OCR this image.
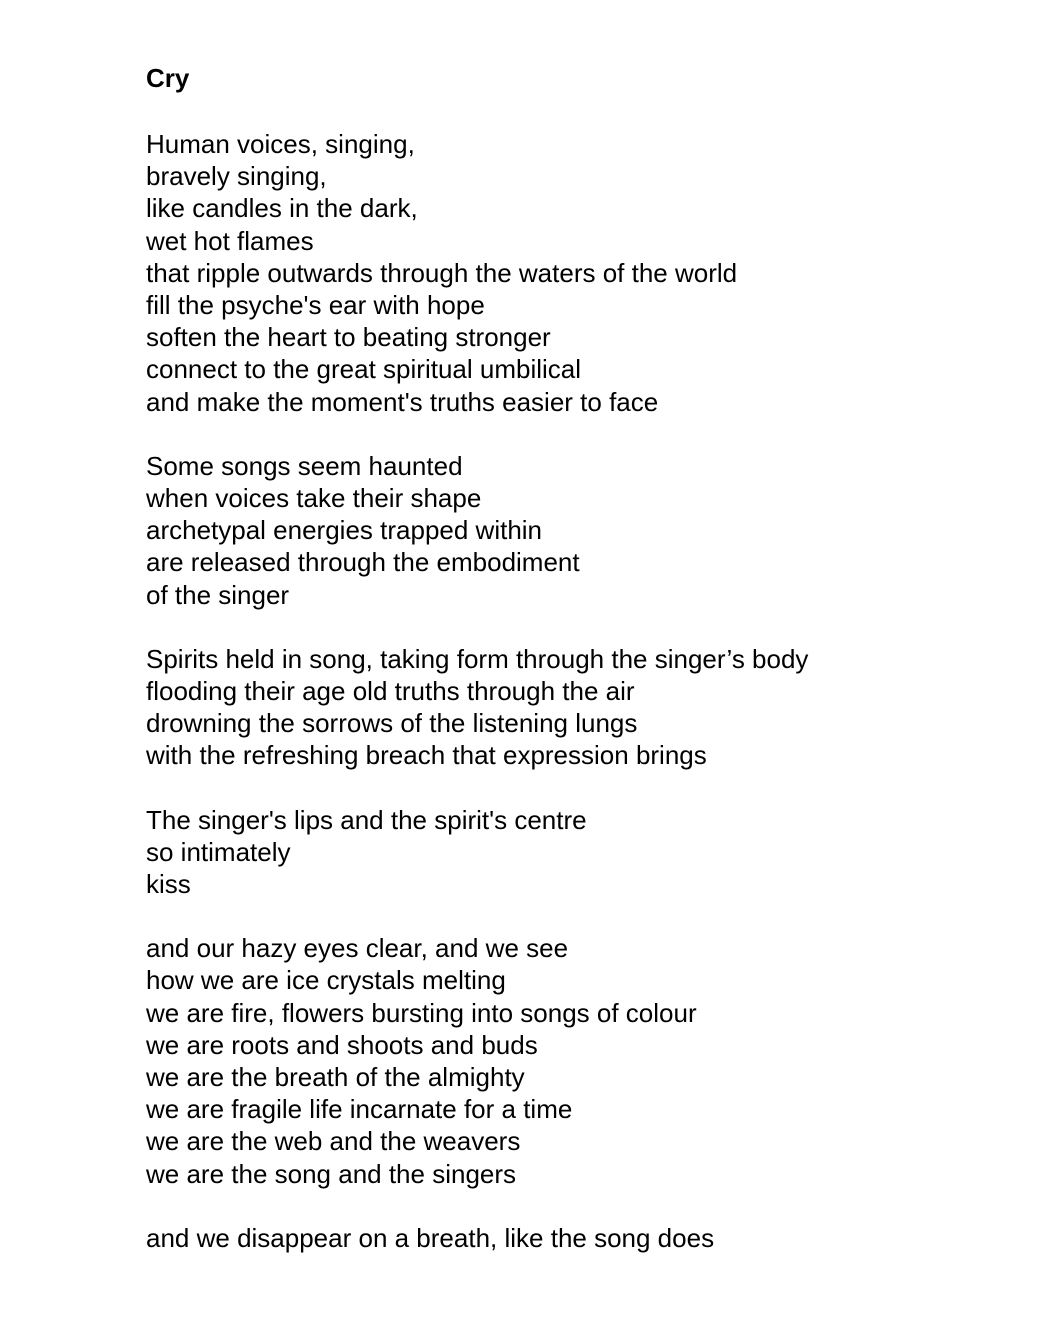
Cry
Human voices, singing,
bravely singing,
like candles in the dark,
wet hot flames
that ripple outwards through the waters of the world
fill the psyche's ear with hope
soften the heart to beating stronger
connect to the great spiritual umbilical
and make the moment's truths easier to face
Some songs seem haunted
when voices take their shape
archetypal energies trapped within
are released through the embodiment
of the singer
Spirits held in song, taking form through the singer’s body
flooding their age old truths through the air
drowning the sorrows of the listening lungs
with the refreshing breach that expression brings
The singer's lips and the spirit's centre
so intimately
kiss
and our hazy eyes clear, and we see
how we are ice crystals melting
we are fire, flowers bursting into songs of colour
we are roots and shoots and buds
we are the breath of the almighty
we are fragile life incarnate for a time
we are the web and the weavers
we are the song and the singers
and we disappear on a breath, like the song does
